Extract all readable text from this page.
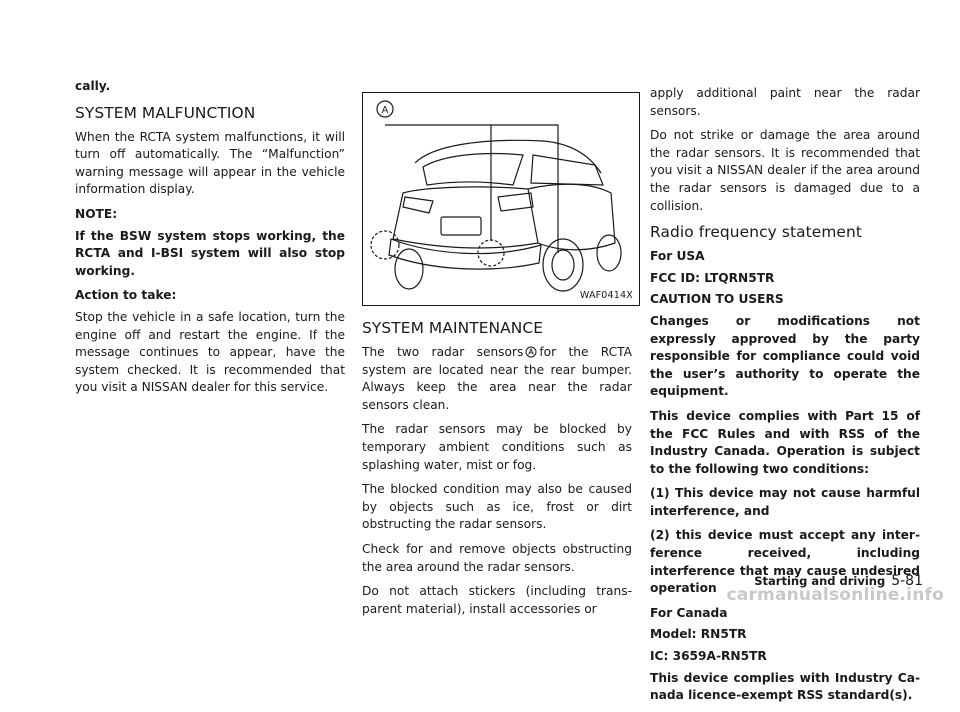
cally.

SYSTEM MALFUNCTION

When the RCTA system malfunctions, it will turn off automatically. The “Malfunction” warning message will appear in the vehicle information display.

NOTE:

If the BSW system stops working, the RCTA and I-BSI system will also stop working.

Action to take:

Stop the vehicle in a safe location, turn the engine off and restart the engine. If the message continues to appear, have the system checked. It is recommended that you visit a NISSAN dealer for this service.

A
WAF0414X
SYSTEM MAINTENANCE

The two radar sensors for the RCTA system are located near the rear bumper. Always keep the area near the radar sensors clean.

The radar sensors may be blocked by temporary ambient conditions such as splashing water, mist or fog.

The blocked condition may also be caused by objects such as ice, frost or dirt obstructing the radar sensors.

Check for and remove objects obstructing the area around the radar sensors.

Do not attach stickers (including transparent material), install accessories or

apply additional paint near the radar sensors.

Do not strike or damage the area around the radar sensors. It is recommended that you visit a NISSAN dealer if the area around the radar sensors is damaged due to a collision.

Radio frequency statement

For USA

FCC ID: LTQRN5TR

CAUTION TO USERS

Changes or modifications not expressly approved by the party responsible for compliance could void the user’s authority to operate the equipment.

This device complies with Part 15 of the FCC Rules and with RSS of the Industry Canada. Operation is subject to the following two conditions:

(1) This device may not cause harmful interference, and

(2) this device must accept any interference received, including interference that may cause undesired operation

For Canada

Model: RN5TR

IC: 3659A-RN5TR

This device complies with Industry Canada licence-exempt RSS standard(s).

Starting and driving 5-81
carmanualsonline.info
